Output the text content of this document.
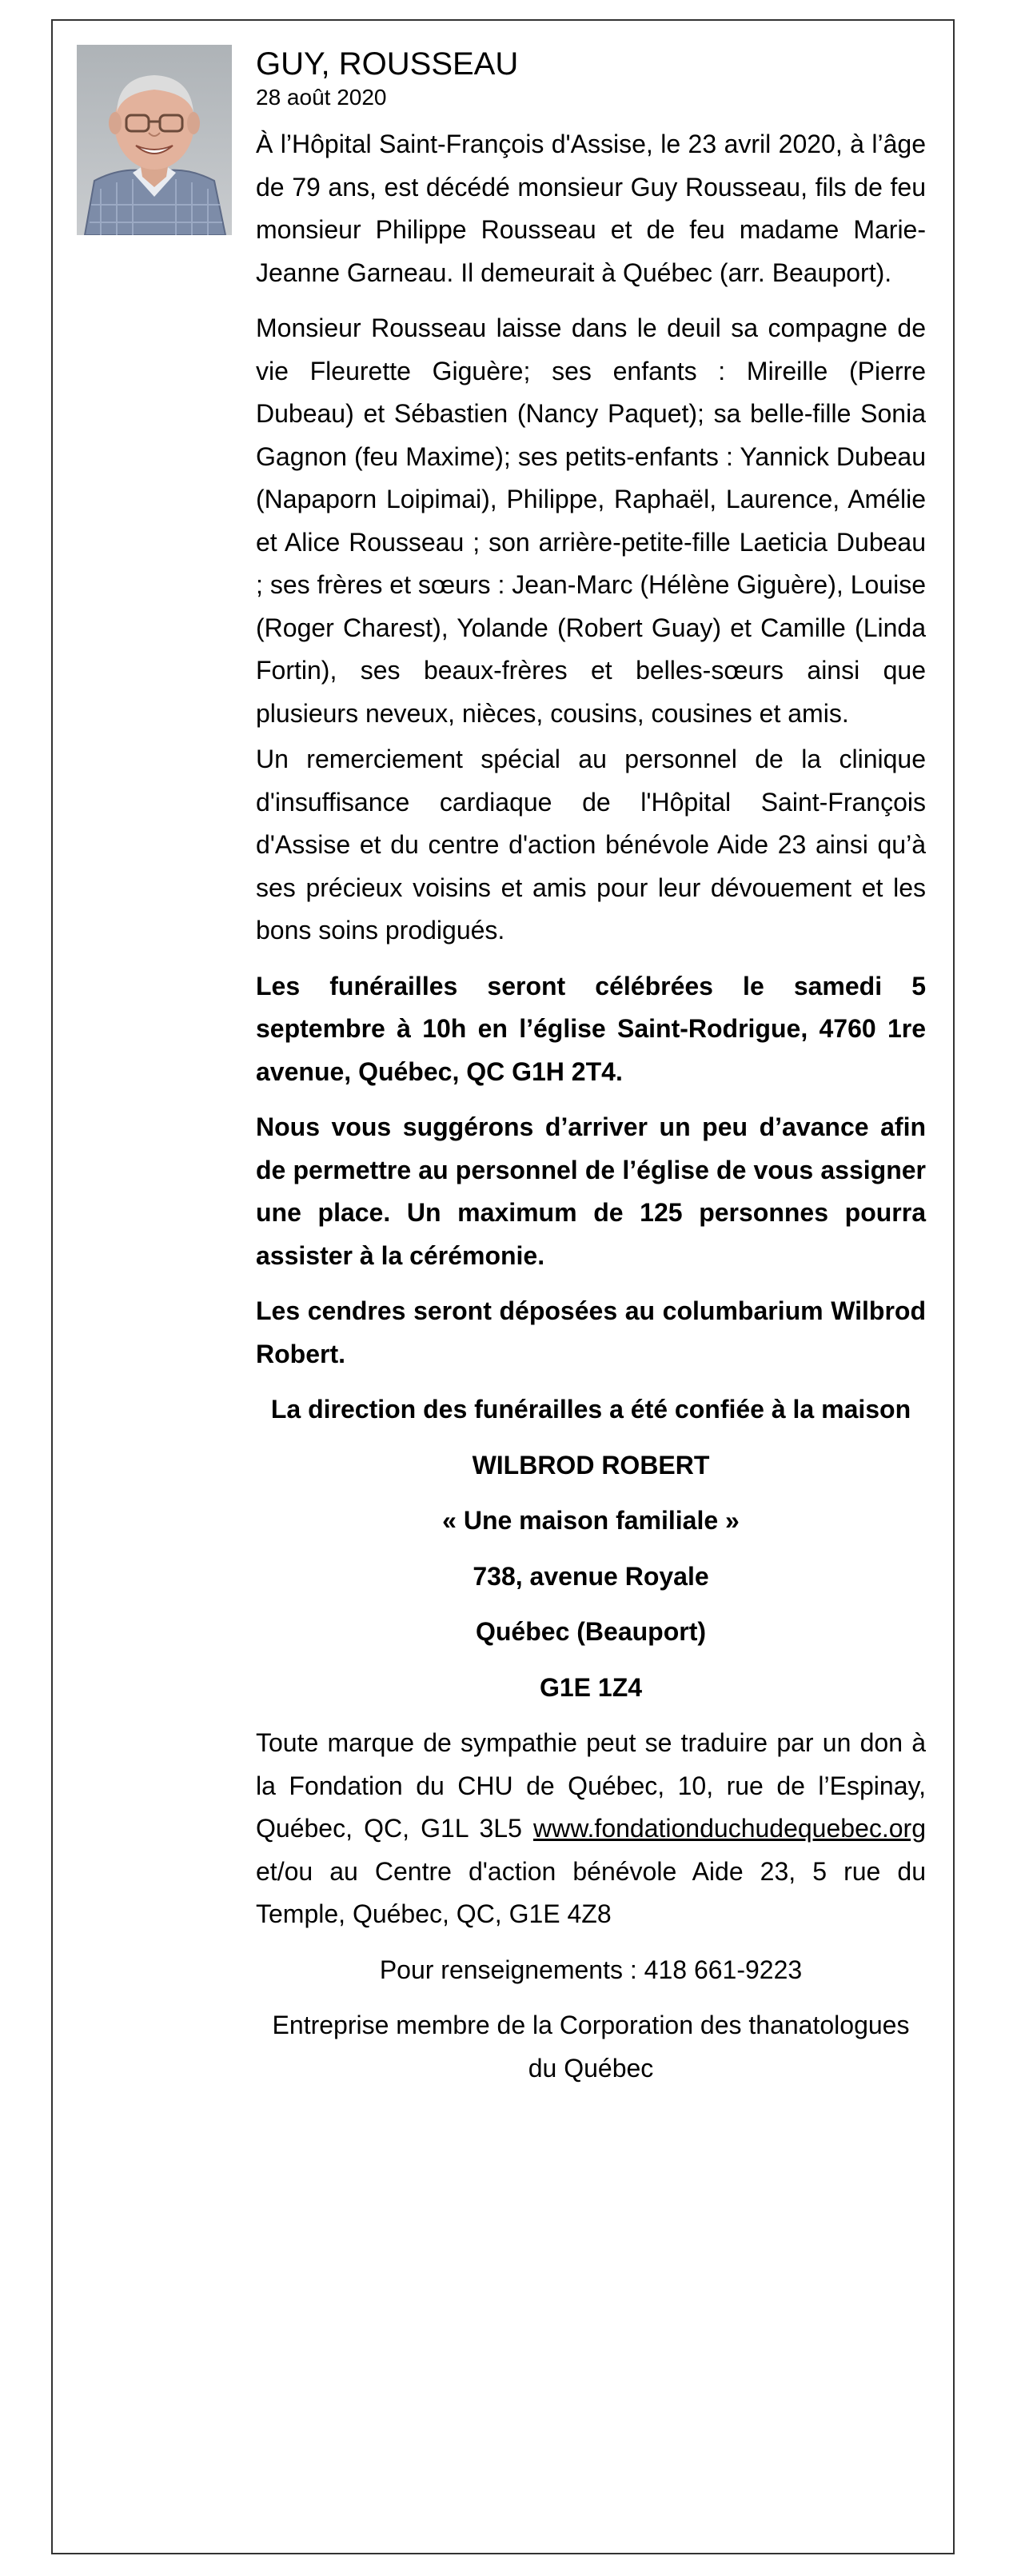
GUY, ROUSSEAU

28 août 2020

À l’Hôpital Saint-François d'Assise, le 23 avril 2020, à l’âge de 79 ans, est décédé monsieur Guy Rousseau, fils de feu monsieur Philippe Rousseau et de feu madame Marie-Jeanne Garneau. Il demeurait à Québec (arr. Beauport).

Monsieur Rousseau laisse dans le deuil sa compagne de vie Fleurette Giguère; ses enfants : Mireille (Pierre Dubeau) et Sébastien (Nancy Paquet); sa belle-fille Sonia Gagnon (feu Maxime); ses petits-enfants : Yannick Dubeau (Napaporn Loipimai), Philippe, Raphaël, Laurence, Amélie et Alice Rousseau ; son arrière-petite-fille Laeticia Dubeau ; ses frères et sœurs : Jean-Marc (Hélène Giguère), Louise (Roger Charest), Yolande (Robert Guay) et Camille (Linda Fortin), ses beaux-frères et belles-sœurs ainsi que plusieurs neveux, nièces, cousins, cousines et amis.

Un remerciement spécial au personnel de la clinique d'insuffisance cardiaque de l'Hôpital Saint-François d'Assise et du centre d'action bénévole Aide 23 ainsi qu’à ses précieux voisins et amis pour leur dévouement et les bons soins prodigués.

Les funérailles seront célébrées le samedi 5 septembre à 10h en l’église Saint-Rodrigue, 4760 1re avenue, Québec, QC G1H 2T4.

Nous vous suggérons d’arriver un peu d’avance afin de permettre au personnel de l’église de vous assigner une place. Un maximum de 125 personnes pourra assister à la cérémonie.

Les cendres seront déposées au columbarium Wilbrod Robert.

La direction des funérailles a été confiée à la maison

WILBROD ROBERT

« Une maison familiale »

738, avenue Royale

Québec (Beauport)

G1E 1Z4

Toute marque de sympathie peut se traduire par un don à la Fondation du CHU de Québec, 10, rue de l’Espinay, Québec, QC, G1L 3L5 www.fondationduchudequebec.org et/ou au Centre d'action bénévole Aide 23, 5 rue du Temple, Québec, QC, G1E 4Z8

Pour renseignements : 418 661-9223

Entreprise membre de la Corporation des thanatologues du Québec
